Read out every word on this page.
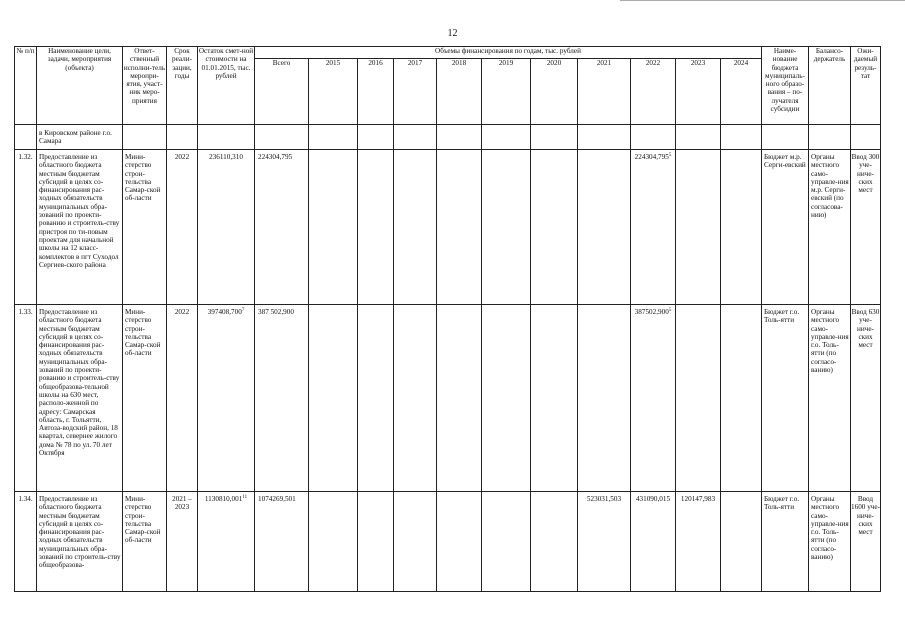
12
№ п/п	Наименование цели, задачи, мероприятия (объекта)	Ответ-ственный исполни-тель меропри-ятия, участ-ник меро-приятия	Срок реали-зации, годы	Остаток смет-ной стоимости на 01.01.2015, тыс. рублей	Объемы финансирования по годам, тыс. рублей											Наиме-нование бюджета муниципаль-ного образо-вания – по-лучателя субсидии	Балансо-держатель	Ожи-даемый резуль-тат
					Всего	2015	2016	2017	2018	2019	2020	2021	2022	2023	2024			
	в Кировском районе г.о. Самара																	
1.32.	Предоставление из областного бюджета местным бюджетам субсидий в целях со-финансирования рас-ходных обязательств муниципальных обра-зований по проекти-рованию и строитель-ству пристроя по ти-повым проектам для начальной школы на 12 класс-комплектов в пгт Суходол Сергиев-ского района	Мини-стерство строи-тельства Самар-ской об-ласти	2022	236110,310	224304,795								224304,795$^5$			Бюджет м.р. Серги-евский	Органы местного само-управле-ния м.р. Серги-евский (по согласова-нию)	Ввод 300 уче-ниче-ских мест
1.33.	Предоставление из областного бюджета местным бюджетам субсидий в целях со-финансирования рас-ходных обязательств муниципальных обра-зований по проекти-рованию и строитель-ству общеобразова-тельной школы на 630 мест, располо-женной по адресу: Самарская область, г. Тольятти, Автоза-водский район, 18 квартал, севернее жилого дома № 78 по ул. 70 лет Октября	Мини-стерство строи-тельства Самар-ской об-ласти	2022	397408,700$^7$	387 502,900								387502,900$^5$			Бюджет г.о. Толь-ятти	Органы местного само-управле-ния г.о. Толь-ятти (по согласо-ванию)	Ввод 630 уче-ниче-ских мест
1.34.	Предоставление из областного бюджета местным бюджетам субсидий в целях со-финансирования рас-ходных обязательств муниципальных обра-зований по строитель-ству общеобразова-	Мини-стерство строи-тельства Самар-ской об-ласти	2021 – 2023	1130810,001$^{11}$	1074269,501							523031,503	431090,015	120147,983		Бюджет г.о. Толь-ятти	Органы местного само-управле-ния г.о. Толь-ятти (по согласо-ванию)	Ввод 1600 уче-ниче-ских мест
